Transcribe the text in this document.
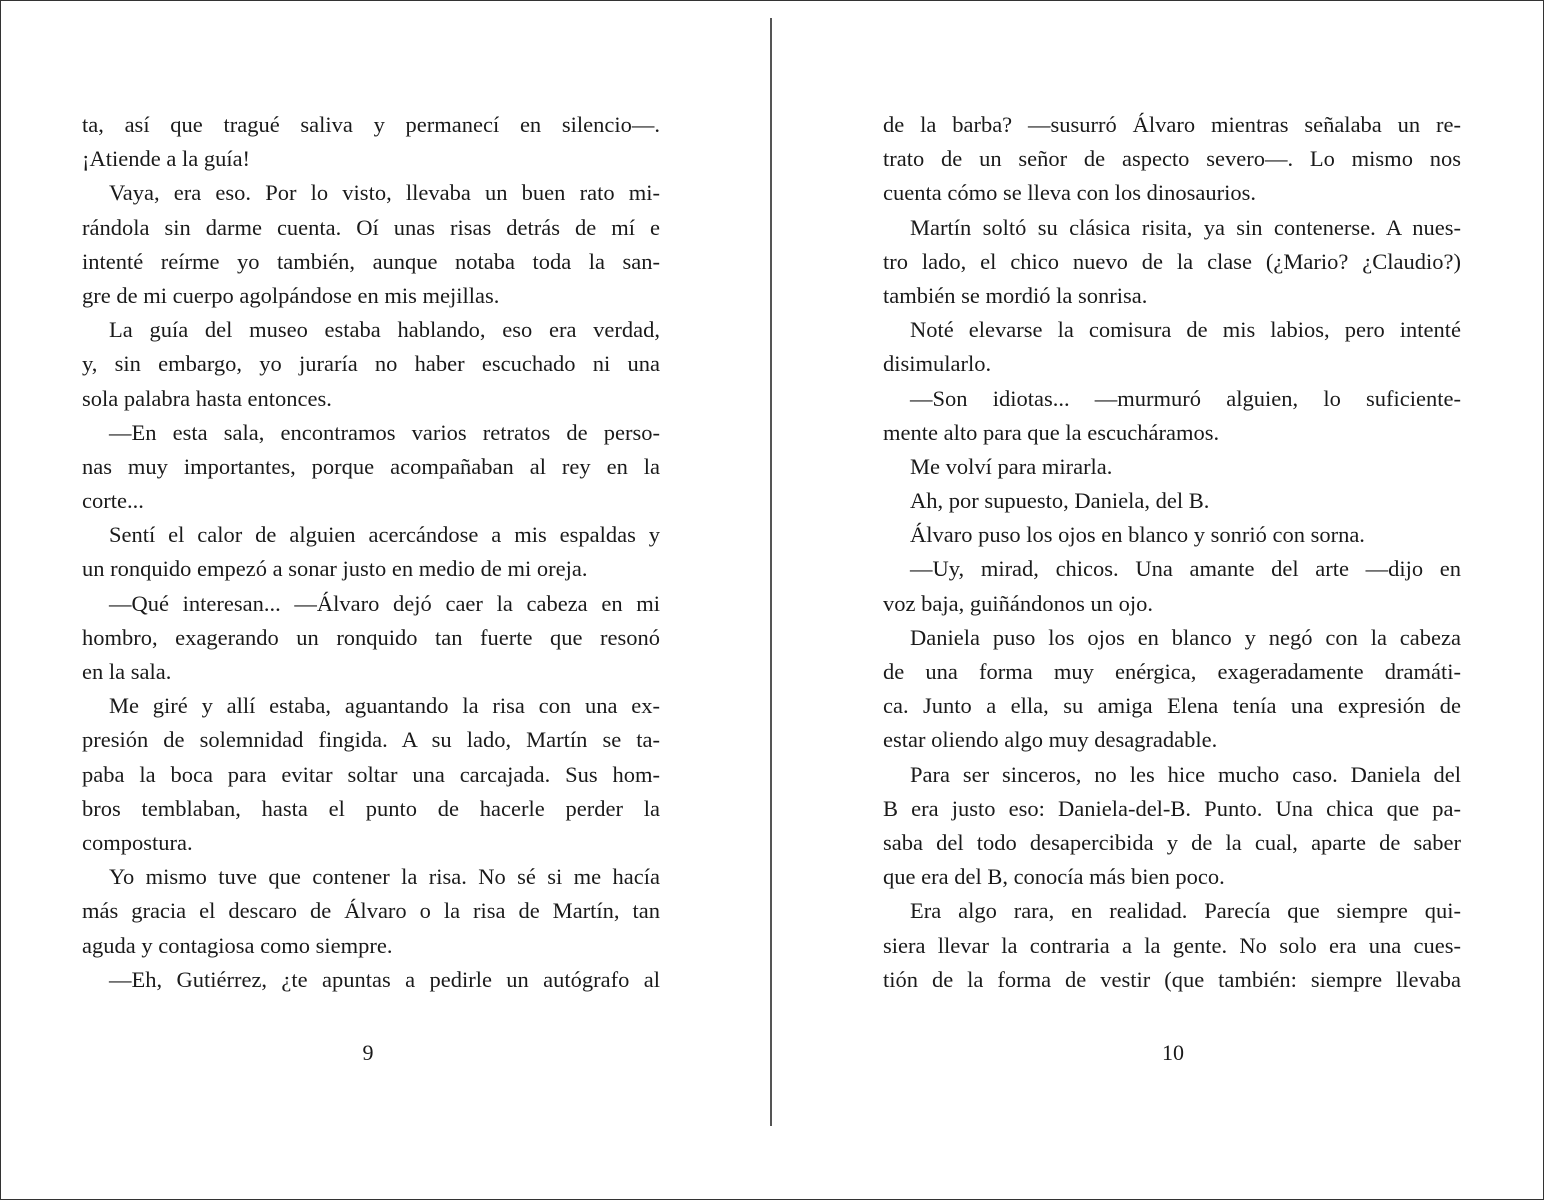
ta, así que tragué saliva y permanecí en silencio—.
¡Atiende a la guía!
Vaya, era eso. Por lo visto, llevaba un buen rato mi-
rándola sin darme cuenta. Oí unas risas detrás de mí e
intenté reírme yo también, aunque notaba toda la san-
gre de mi cuerpo agolpándose en mis mejillas.
La guía del museo estaba hablando, eso era verdad,
y, sin embargo, yo juraría no haber escuchado ni una
sola palabra hasta entonces.
—En esta sala, encontramos varios retratos de perso-
nas muy importantes, porque acompañaban al rey en la
corte...
Sentí el calor de alguien acercándose a mis espaldas y
un ronquido empezó a sonar justo en medio de mi oreja.
—Qué interesan... —Álvaro dejó caer la cabeza en mi
hombro, exagerando un ronquido tan fuerte que resonó
en la sala.
Me giré y allí estaba, aguantando la risa con una ex-
presión de solemnidad fingida. A su lado, Martín se ta-
paba la boca para evitar soltar una carcajada. Sus hom-
bros temblaban, hasta el punto de hacerle perder la
compostura.
Yo mismo tuve que contener la risa. No sé si me hacía
más gracia el descaro de Álvaro o la risa de Martín, tan
aguda y contagiosa como siempre.
—Eh, Gutiérrez, ¿te apuntas a pedirle un autógrafo al
de la barba? —susurró Álvaro mientras señalaba un re-
trato de un señor de aspecto severo—. Lo mismo nos
cuenta cómo se lleva con los dinosaurios.
Martín soltó su clásica risita, ya sin contenerse. A nues-
tro lado, el chico nuevo de la clase (¿Mario? ¿Claudio?)
también se mordió la sonrisa.
Noté elevarse la comisura de mis labios, pero intenté
disimularlo.
—Son idiotas... —murmuró alguien, lo suficiente-
mente alto para que la escucháramos.
Me volví para mirarla.
Ah, por supuesto, Daniela, del B.
Álvaro puso los ojos en blanco y sonrió con sorna.
—Uy, mirad, chicos. Una amante del arte —dijo en
voz baja, guiñándonos un ojo.
Daniela puso los ojos en blanco y negó con la cabeza
de una forma muy enérgica, exageradamente dramáti-
ca. Junto a ella, su amiga Elena tenía una expresión de
estar oliendo algo muy desagradable.
Para ser sinceros, no les hice mucho caso. Daniela del
B era justo eso: Daniela-del-B. Punto. Una chica que pa-
saba del todo desapercibida y de la cual, aparte de saber
que era del B, conocía más bien poco.
Era algo rara, en realidad. Parecía que siempre qui-
siera llevar la contraria a la gente. No solo era una cues-
tión de la forma de vestir (que también: siempre llevaba
9	10
